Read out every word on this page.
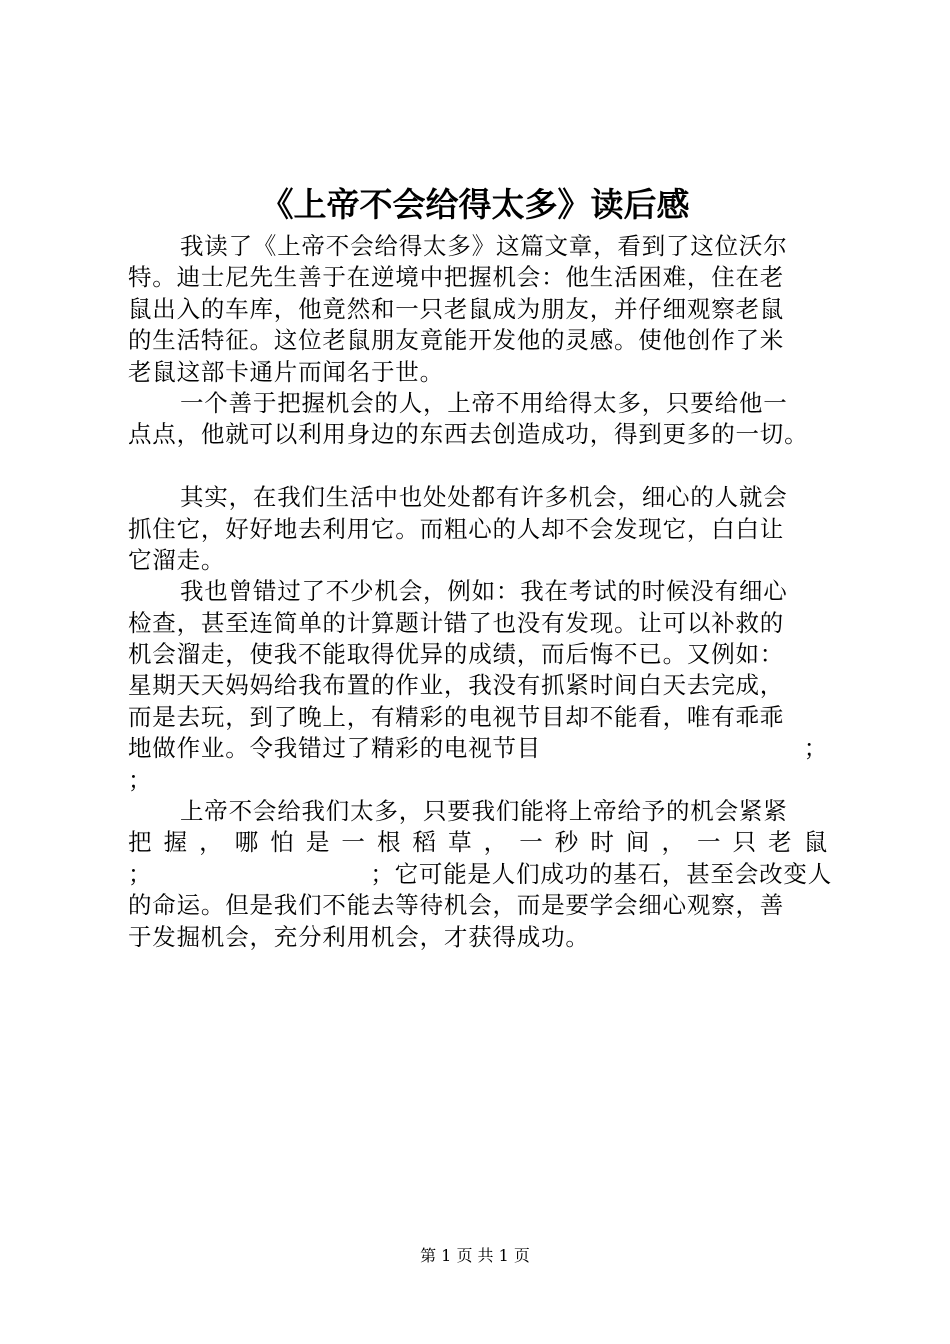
《上帝不会给得太多》读后感
我读了《上帝不会给得太多》这篇文章，看到了这位沃尔
特。迪士尼先生善于在逆境中把握机会：他生活困难，住在老
鼠出入的车库，他竟然和一只老鼠成为朋友，并仔细观察老鼠
的生活特征。这位老鼠朋友竟能开发他的灵感。使他创作了米
老鼠这部卡通片而闻名于世。
一个善于把握机会的人，上帝不用给得太多，只要给他一
点点，他就可以利用身边的东西去创造成功，得到更多的一切。
其实，在我们生活中也处处都有许多机会，细心的人就会
抓住它，好好地去利用它。而粗心的人却不会发现它，白白让
它溜走。
我也曾错过了不少机会，例如：我在考试的时候没有细心
检查，甚至连简单的计算题计错了也没有发现。让可以补救的
机会溜走，使我不能取得优异的成绩，而后悔不已。又例如：
星期天天妈妈给我布置的作业，我没有抓紧时间白天去完成，
而是去玩，到了晚上，有精彩的电视节目却不能看，唯有乖乖
地做作业。令我错过了精彩的电视节目	；
；
上帝不会给我们太多，只要我们能将上帝给予的机会紧紧
把 握 ， 哪 怕 是 一 根 稻 草 ， 一 秒 时 间 ， 一 只 老 鼠
；	；它可能是人们成功的基石，甚至会改变人
的命运。但是我们不能去等待机会，而是要学会细心观察，善
于发掘机会，充分利用机会，才获得成功。
第 1 页 共 1 页
